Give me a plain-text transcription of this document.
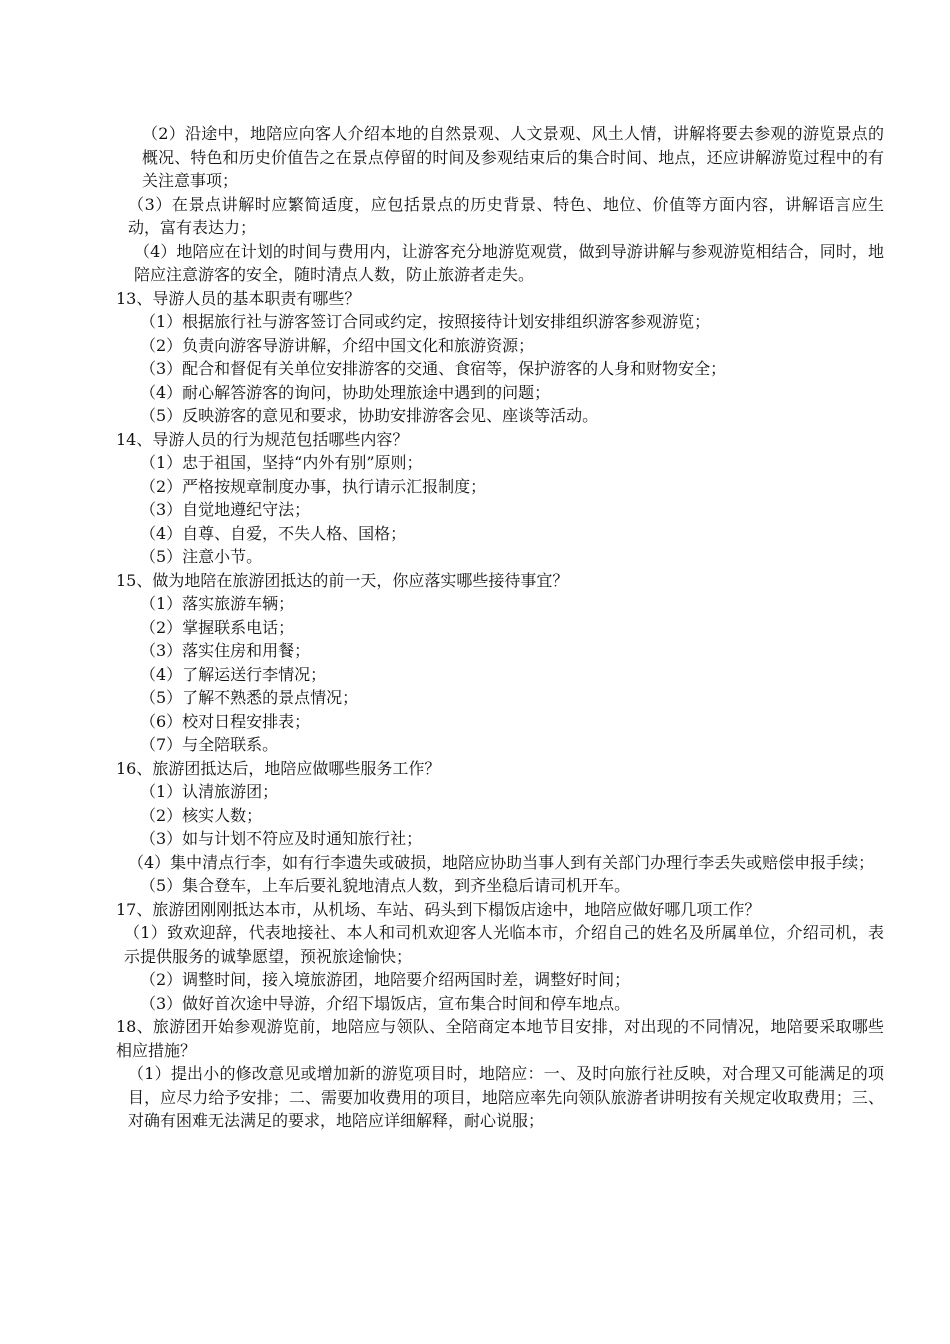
（2）沿途中，地陪应向客人介绍本地的自然景观、人文景观、风土人情，讲解将要去参观的游览景点的概况、特色和历史价值告之在景点停留的时间及参观结束后的集合时间、地点，还应讲解游览过程中的有关注意事项；
（3）在景点讲解时应繁简适度，应包括景点的历史背景、特色、地位、价值等方面内容，讲解语言应生动，富有表达力；
（4）地陪应在计划的时间与费用内，让游客充分地游览观赏，做到导游讲解与参观游览相结合，同时，地陪应注意游客的安全，随时清点人数，防止旅游者走失。
13、导游人员的基本职责有哪些？
（1）根据旅行社与游客签订合同或约定，按照接待计划安排组织游客参观游览；
（2）负责向游客导游讲解，介绍中国文化和旅游资源；
（3）配合和督促有关单位安排游客的交通、食宿等，保护游客的人身和财物安全；
（4）耐心解答游客的询问，协助处理旅途中遇到的问题；
（5）反映游客的意见和要求，协助安排游客会见、座谈等活动。
14、导游人员的行为规范包括哪些内容？
（1）忠于祖国，坚持“内外有别”原则；
（2）严格按规章制度办事，执行请示汇报制度；
（3）自觉地遵纪守法；
（4）自尊、自爱，不失人格、国格；
（5）注意小节。
15、做为地陪在旅游团抵达的前一天，你应落实哪些接待事宜？
（1）落实旅游车辆；
（2）掌握联系电话；
（3）落实住房和用餐；
（4）了解运送行李情况；
（5）了解不熟悉的景点情况；
（6）校对日程安排表；
（7）与全陪联系。
16、旅游团抵达后，地陪应做哪些服务工作？
（1）认清旅游团；
（2）核实人数；
（3）如与计划不符应及时通知旅行社；
（4）集中清点行李，如有行李遗失或破损，地陪应协助当事人到有关部门办理行李丢失或赔偿申报手续；
（5）集合登车，上车后要礼貌地清点人数，到齐坐稳后请司机开车。
17、旅游团刚刚抵达本市，从机场、车站、码头到下榻饭店途中，地陪应做好哪几项工作？
（1）致欢迎辞，代表地接社、本人和司机欢迎客人光临本市，介绍自己的姓名及所属单位，介绍司机，表示提供服务的诚挚愿望，预祝旅途愉快；
（2）调整时间，接入境旅游团，地陪要介绍两国时差，调整好时间；
（3）做好首次途中导游，介绍下塌饭店，宣布集合时间和停车地点。
18、旅游团开始参观游览前，地陪应与领队、全陪商定本地节目安排，对出现的不同情况，地陪要采取哪些相应措施？
（1）提出小的修改意见或增加新的游览项目时，地陪应：一、及时向旅行社反映，对合理又可能满足的项目，应尽力给予安排；二、需要加收费用的项目，地陪应率先向领队旅游者讲明按有关规定收取费用；三、对确有困难无法满足的要求，地陪应详细解释，耐心说服；
